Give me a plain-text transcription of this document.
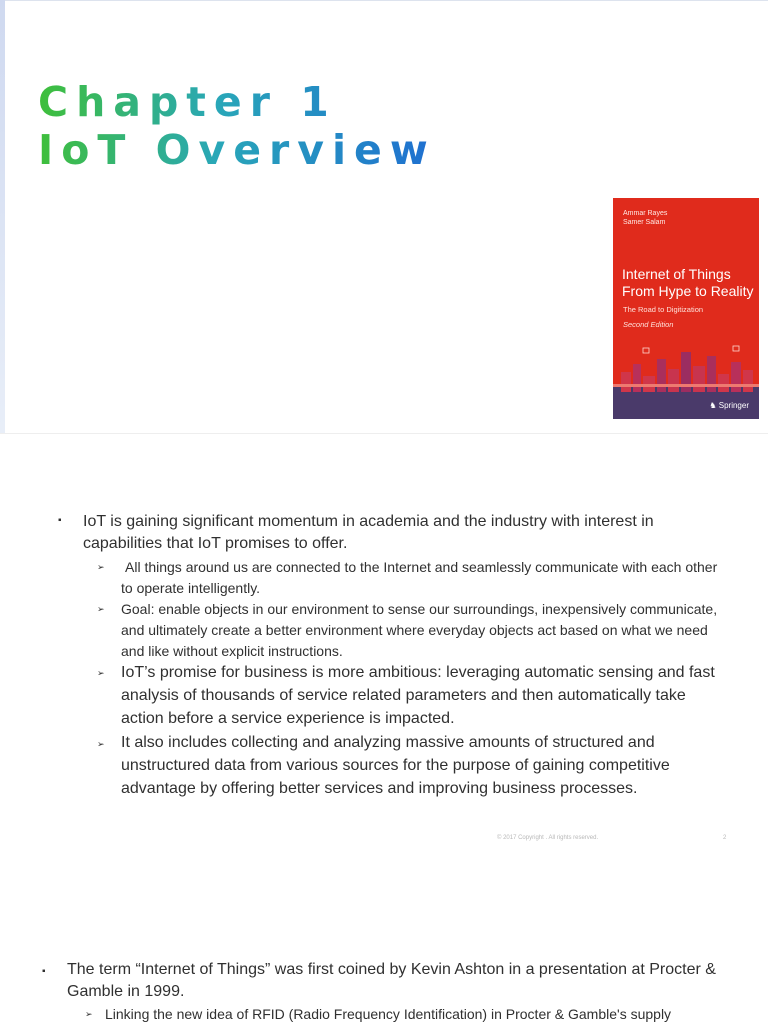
Chapter 1
IoT Overview
Ammar Rayes
Samer Salam
Internet of Things
From Hype to Reality
The Road to Digitization
Second Edition
♞ Springer
▪ IoT is gaining significant momentum in academia and the industry with interest in capabilities that IoT promises to offer.
➢ All things around us are connected to the Internet and seamlessly communicate with each other to operate intelligently.
➢ Goal: enable objects in our environment to sense our surroundings, inexpensively communicate, and ultimately create a better environment where everyday objects act based on what we need and like without explicit instructions.
➢ IoT’s promise for business is more ambitious: leveraging automatic sensing and fast analysis of thousands of service related parameters and then automatically take action before a service experience is impacted.
➢ It also includes collecting and analyzing massive amounts of structured and unstructured data from various sources for the purpose of gaining competitive advantage by offering better services and improving business processes.
© 2017 Copyright . All rights reserved.	2
▪ The term “Internet of Things” was first coined by Kevin Ashton in a presentation at Procter & Gamble in 1999.
➢ Linking the new idea of RFID (Radio Frequency Identification) in Procter & Gamble's supply
